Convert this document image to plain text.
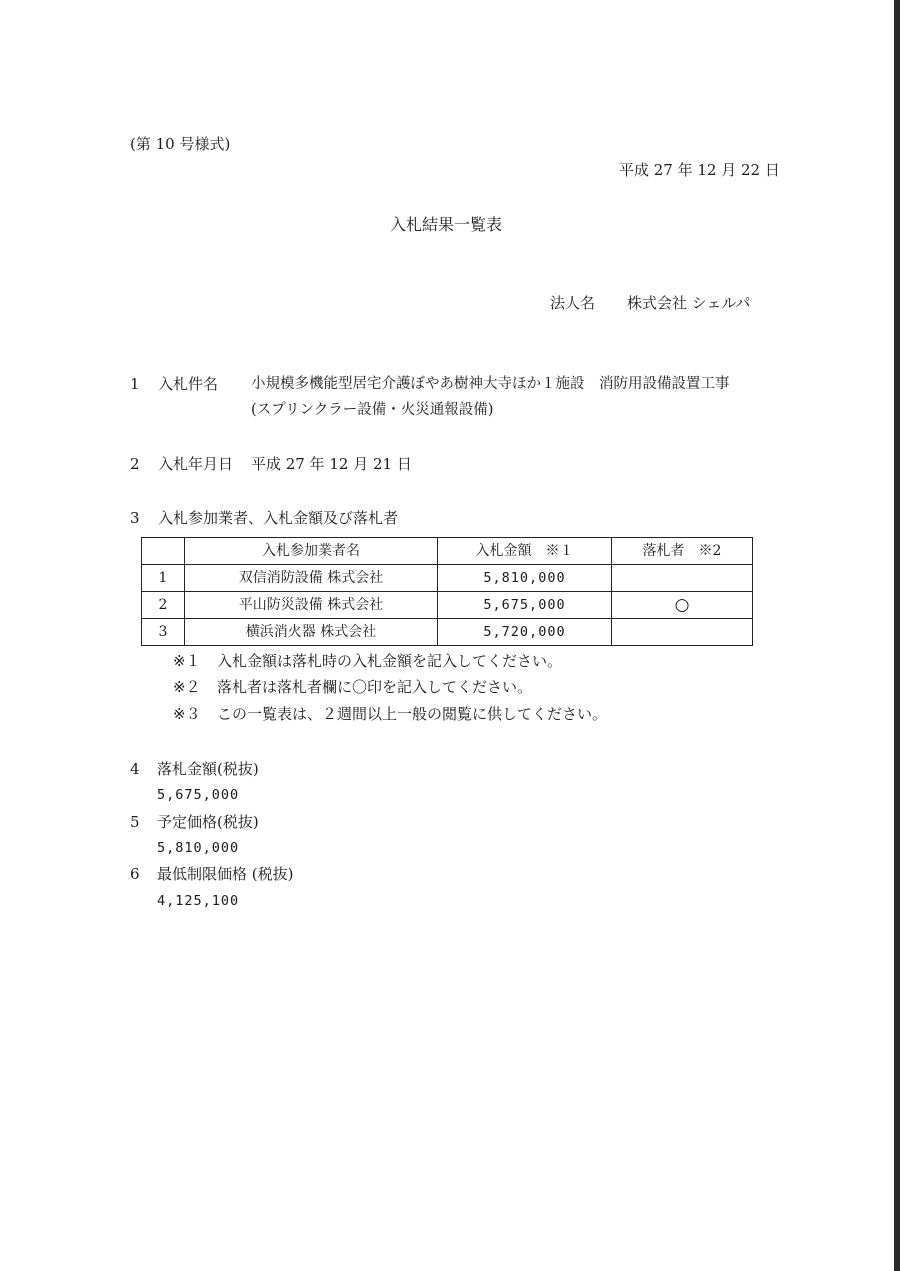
(第 10 号様式)
平成 27 年 12 月 22 日
入札結果一覧表
法人名 株式会社 シェルパ
1 入札件名 小規模多機能型居宅介護ぼやあ樹神大寺ほか１施設　消防用設備設置工事
(スプリンクラー設備・火災通報設備)
2 入札年月日 平成 27 年 12 月 21 日
3 入札参加業者、入札金額及び落札者
	入札参加業者名	入札金額　※１	落札者　※2
1	双信消防設備 株式会社	5,810,000	
2	平山防災設備 株式会社	5,675,000	○
3	横浜消火器 株式会社	5,720,000	
※１ 入札金額は落札時の入札金額を記入してください。
※２ 落札者は落札者欄に〇印を記入してください。
※３ この一覧表は、２週間以上一般の閲覧に供してください。
4 落札金額(税抜)
5,675,000
5 予定価格(税抜)
5,810,000
6 最低制限価格 (税抜)
4,125,100
